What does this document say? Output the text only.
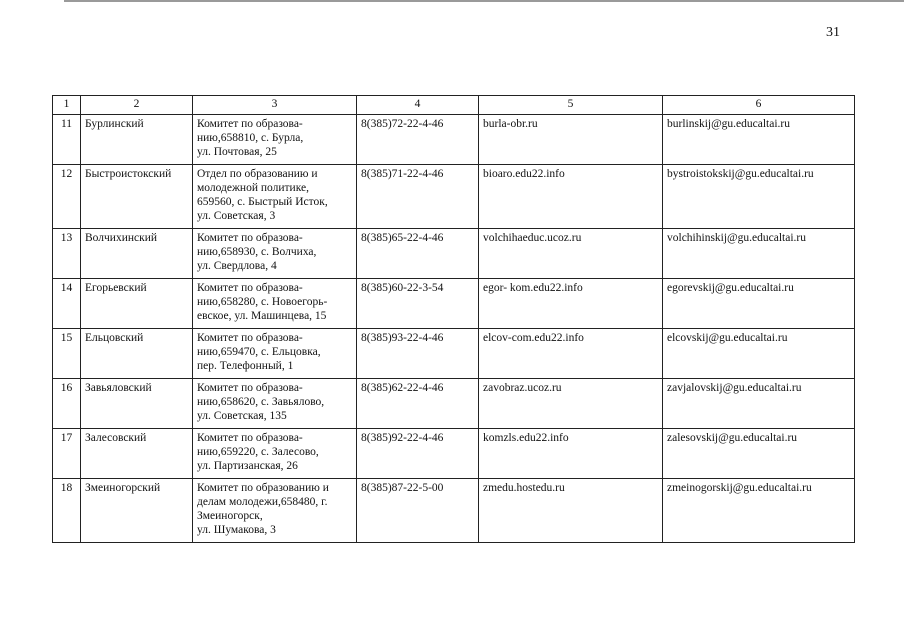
31
1	2	3	4	5	6
11	Бурлинский	Комитет по образова-
нию,658810, с. Бурла,
ул. Почтовая, 25	8(385)72-22-4-46	burla-obr.ru	burlinskij@gu.educaltai.ru
12	Быстроистокский	Отдел по образованию и
молодежной политике,
659560, с. Быстрый Исток,
ул. Советская, 3	8(385)71-22-4-46	bioaro.edu22.info	bystroistokskij@gu.educaltai.ru
13	Волчихинский	Комитет по образова-
нию,658930, с. Волчиха,
ул. Свердлова, 4	8(385)65-22-4-46	volchihaeduc.ucoz.ru	volchihinskij@gu.educaltai.ru
14	Егорьевский	Комитет по образова-
нию,658280, с. Новоегорь-
евское, ул. Машинцева, 15	8(385)60-22-3-54	egor- kom.edu22.info	egorevskij@gu.educaltai.ru
15	Ельцовский	Комитет по образова-
нию,659470, с. Ельцовка,
пер. Телефонный, 1	8(385)93-22-4-46	elcov-com.edu22.info	elcovskij@gu.educaltai.ru
16	Завьяловский	Комитет по образова-
нию,658620, с. Завьялово,
ул. Советская, 135	8(385)62-22-4-46	zavobraz.ucoz.ru	zavjalovskij@gu.educaltai.ru
17	Залесовский	Комитет по образова-
нию,659220, с. Залесово,
ул. Партизанская, 26	8(385)92-22-4-46	komzls.edu22.info	zalesovskij@gu.educaltai.ru
18	Змеиногорский	Комитет по образованию и
делам молодежи,658480, г.
Змеиногорск,
ул. Шумакова, 3	8(385)87-22-5-00	zmedu.hostedu.ru	zmeinogorskij@gu.educaltai.ru
